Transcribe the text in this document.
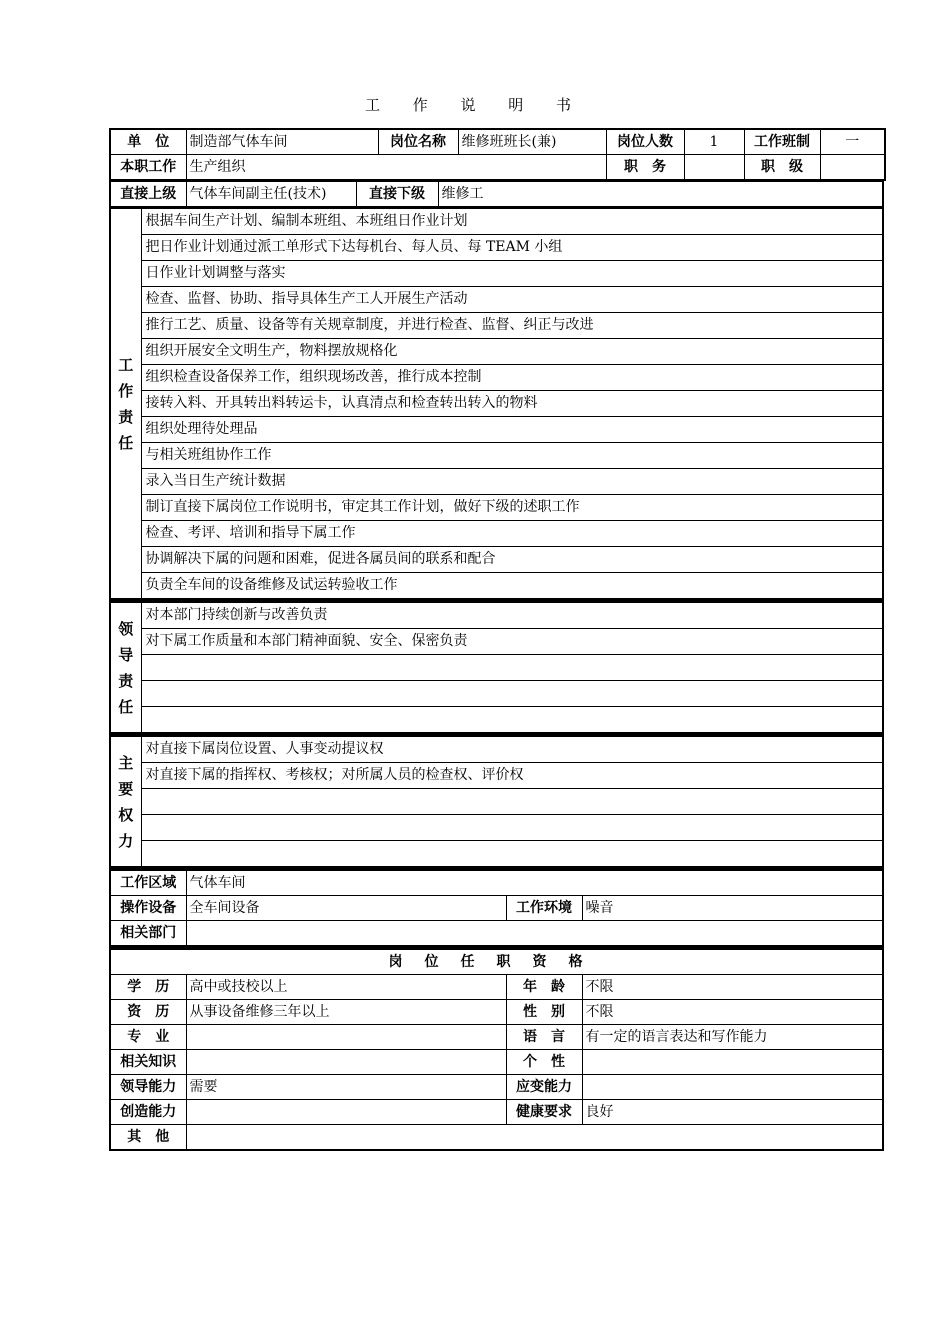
工 作 说 明 书
单　位	制造部气体车间	岗位名称	维修班班长(兼)	岗位人数	1	工作班制	一
本职工作	生产组织			职　务		职　级	
直接上级	气体车间副主任(技术)	直接下级	维修工
工
作
责
任
	根据车间生产计划、编制本班组、本班组日作业计划
把日作业计划通过派工单形式下达每机台、每人员、每 TEAM 小组
日作业计划调整与落实
检查、监督、协助、指导具体生产工人开展生产活动
推行工艺、质量、设备等有关规章制度，并进行检查、监督、纠正与改进
组织开展安全文明生产，物料摆放规格化
组织检查设备保养工作，组织现场改善，推行成本控制
接转入料、开具转出料转运卡，认真清点和检查转出转入的物料
组织处理待处理品
与相关班组协作工作
录入当日生产统计数据
制订直接下属岗位工作说明书，审定其工作计划，做好下级的述职工作
检查、考评、培训和指导下属工作
协调解决下属的问题和困难，促进各属员间的联系和配合
负责全车间的设备维修及试运转验收工作
领
导
责
任
	对本部门持续创新与改善负责
对下属工作质量和本部门精神面貌、安全、保密负责

主
要
权
力
	对直接下属岗位设置、人事变动提议权
对直接下属的指挥权、考核权；对所属人员的检查权、评价权

工作区域	气体车间		
操作设备	全车间设备	工作环境	噪音
相关部门			
岗位任职资格			
学　历	高中或技校以上	年　龄	不限
资　历	从事设备维修三年以上	性　别	不限
专　业		语　言	有一定的语言表达和写作能力
相关知识		个　性	
领导能力	需要	应变能力	
创造能力		健康要求	良好
其　他			
